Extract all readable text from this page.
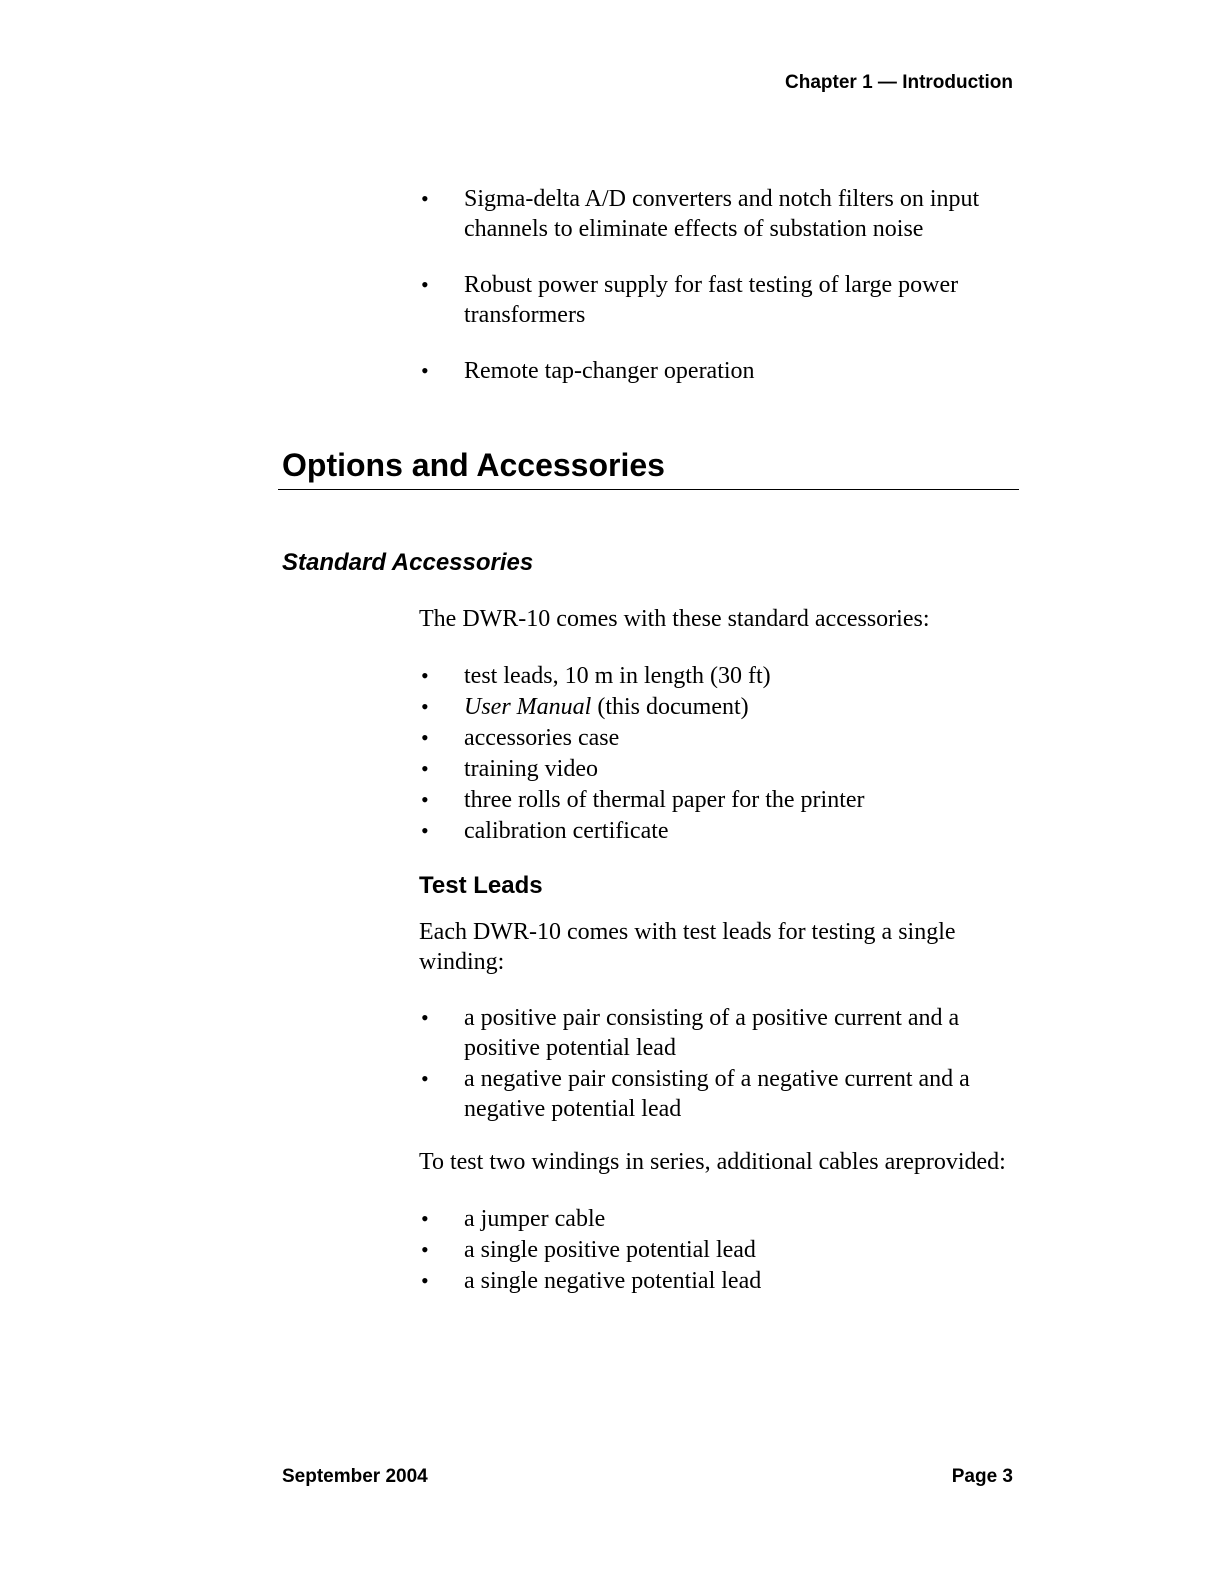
Chapter 1 — Introduction
• Sigma-delta A/D converters and notch filters on input channels to eliminate effects of substation noise
• Robust power supply for fast testing of large power transformers
• Remote tap-changer operation
Options and Accessories
Standard Accessories

The DWR-10 comes with these standard accessories:

• test leads, 10 m in length (30 ft)
• User Manual (this document)
• accessories case
• training video
• three rolls of thermal paper for the printer
• calibration certificate
Test Leads

Each DWR-10 comes with test leads for testing a single winding:

• a positive pair consisting of a positive current and a positive potential lead
• a negative pair consisting of a negative current and a negative potential lead

To test two windings in series, additional cables areprovided:

• a jumper cable
• a single positive potential lead
• a single negative potential lead
September 2004	Page 3
